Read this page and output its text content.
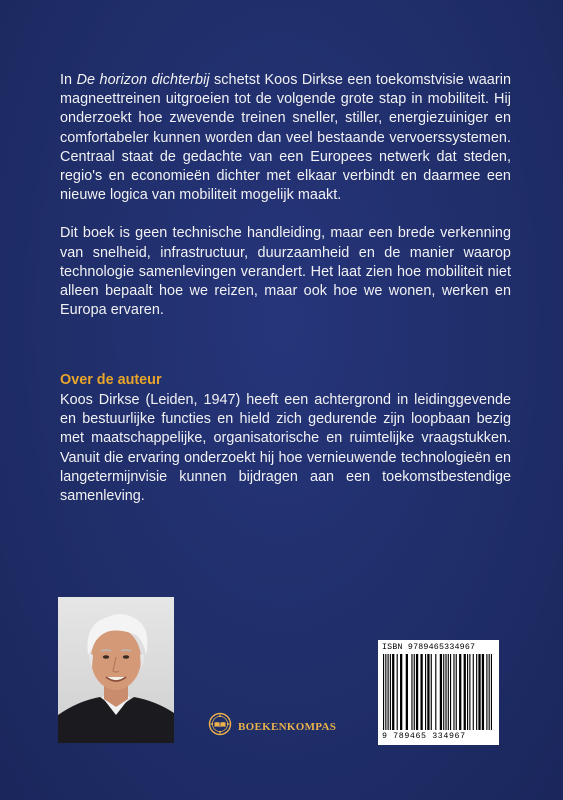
In De horizon dichterbij schetst Koos Dirkse een toekomstvisie waarin magneettreinen uitgroeien tot de volgende grote stap in mobiliteit. Hij onderzoekt hoe zwevende treinen sneller, stiller, energiezuiniger en comfortabeler kunnen worden dan veel bestaande vervoerssystemen. Centraal staat de gedachte van een Europees netwerk dat steden, regio's en economieën dichter met elkaar verbindt en daarmee een nieuwe logica van mobiliteit mogelijk maakt.

Dit boek is geen technische handleiding, maar een brede verkenning van snelheid, infrastructuur, duurzaamheid en de manier waarop technologie samenlevingen verandert. Het laat zien hoe mobiliteit niet alleen bepaalt hoe we reizen, maar ook hoe we wonen, werken en Europa ervaren.

Over de auteur

Koos Dirkse (Leiden, 1947) heeft een achtergrond in leidinggevende en bestuurlijke functies en hield zich gedurende zijn loopbaan bezig met maatschappelijke, organisatorische en ruimtelijke vraagstukken. Vanuit die ervaring onderzoekt hij hoe vernieuwende technologieën en langetermijnvisie kunnen bijdragen aan een toekomstbestendige samenleving.

BOEKENKOMPAS
ISBN 9789465334967
9 789465 334967
